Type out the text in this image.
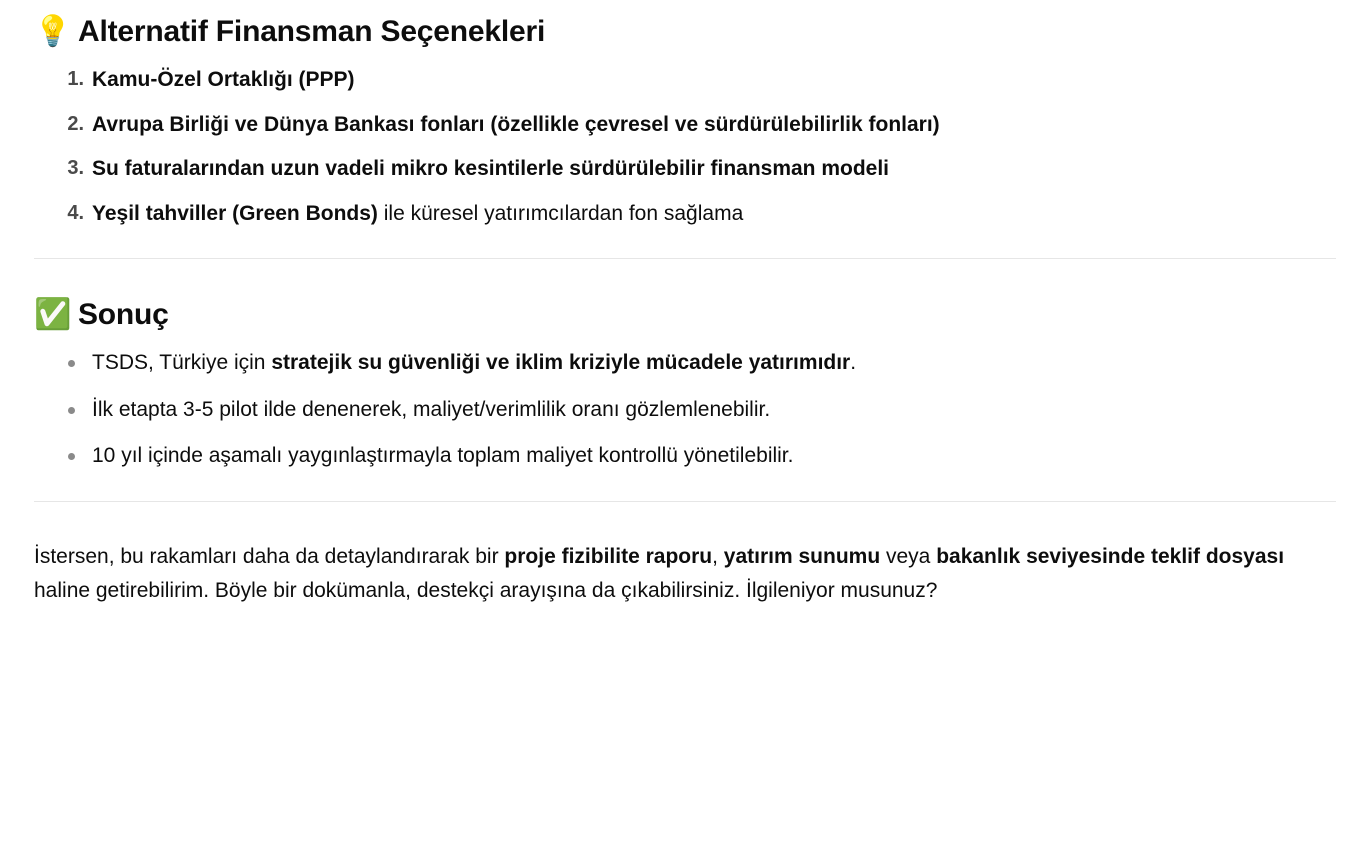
💡 Alternatif Finansman Seçenekleri
Kamu-Özel Ortaklığı (PPP)
Avrupa Birliği ve Dünya Bankası fonları (özellikle çevresel ve sürdürülebilirlik fonları)
Su faturalarından uzun vadeli mikro kesintilerle sürdürülebilir finansman modeli
Yeşil tahviller (Green Bonds) ile küresel yatırımcılardan fon sağlama
✅ Sonuç
TSDS, Türkiye için stratejik su güvenliği ve iklim kriziyle mücadele yatırımıdır.
İlk etapta 3-5 pilot ilde denenerek, maliyet/verimlilik oranı gözlemlenebilir.
10 yıl içinde aşamalı yaygınlaştırmayla toplam maliyet kontrollü yönetilebilir.

İstersen, bu rakamları daha da detaylandırarak bir proje fizibilite raporu, yatırım sunumu veya bakanlık seviyesinde teklif dosyası haline getirebilirim. Böyle bir dokümanla, destekçi arayışına da çıkabilirsiniz. İlgileniyor musunuz?
